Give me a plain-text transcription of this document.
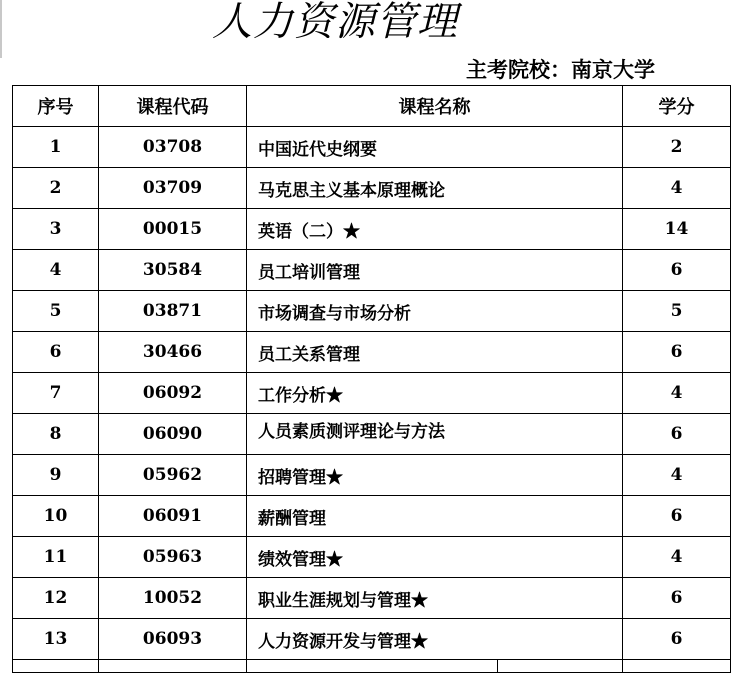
人力资源管理
主考院校：南京大学
序号	课程代码	课程名称	学分
1	03708	中国近代史纲要	2
2	03709	马克思主义基本原理概论	4
3	00015	英语（二）★	14
4	30584	员工培训管理	6
5	03871	市场调查与市场分析	5
6	30466	员工关系管理	6
7	06092	工作分析★	4
8	06090	人员素质测评理论与方法	6
9	05962	招聘管理★	4
10	06091	薪酬管理	6
11	05963	绩效管理★	4
12	10052	职业生涯规划与管理★	6
13	06093	人力资源开发与管理★	6
